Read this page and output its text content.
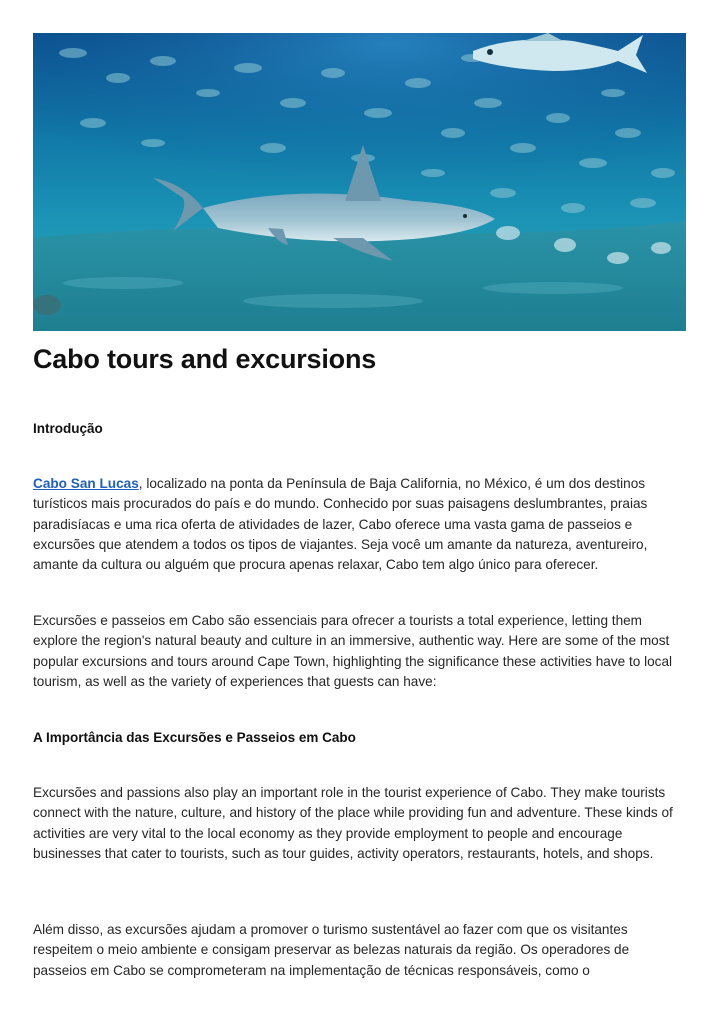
Cabo tours and excursions
Introdução

Cabo San Lucas, localizado na ponta da Península de Baja California, no México, é um dos destinos turísticos mais procurados do país e do mundo. Conhecido por suas paisagens deslumbrantes, praias paradisíacas e uma rica oferta de atividades de lazer, Cabo oferece uma vasta gama de passeios e excursões que atendem a todos os tipos de viajantes. Seja você um amante da natureza, aventureiro, amante da cultura ou alguém que procura apenas relaxar, Cabo tem algo único para oferecer.

Excursões e passeios em Cabo são essenciais para ofrecer a tourists a total experience, letting them explore the region's natural beauty and culture in an immersive, authentic way. Here are some of the most popular excursions and tours around Cape Town, highlighting the significance these activities have to local tourism, as well as the variety of experiences that guests can have:

A Importância das Excursões e Passeios em Cabo

Excursões and passions also play an important role in the tourist experience of Cabo. They make tourists connect with the nature, culture, and history of the place while providing fun and adventure. These kinds of activities are very vital to the local economy as they provide employment to people and encourage businesses that cater to tourists, such as tour guides, activity operators, restaurants, hotels, and shops.

Além disso, as excursões ajudam a promover o turismo sustentável ao fazer com que os visitantes respeitem o meio ambiente e consigam preservar as belezas naturais da região. Os operadores de passeios em Cabo se comprometeram na implementação de técnicas responsáveis, como o
